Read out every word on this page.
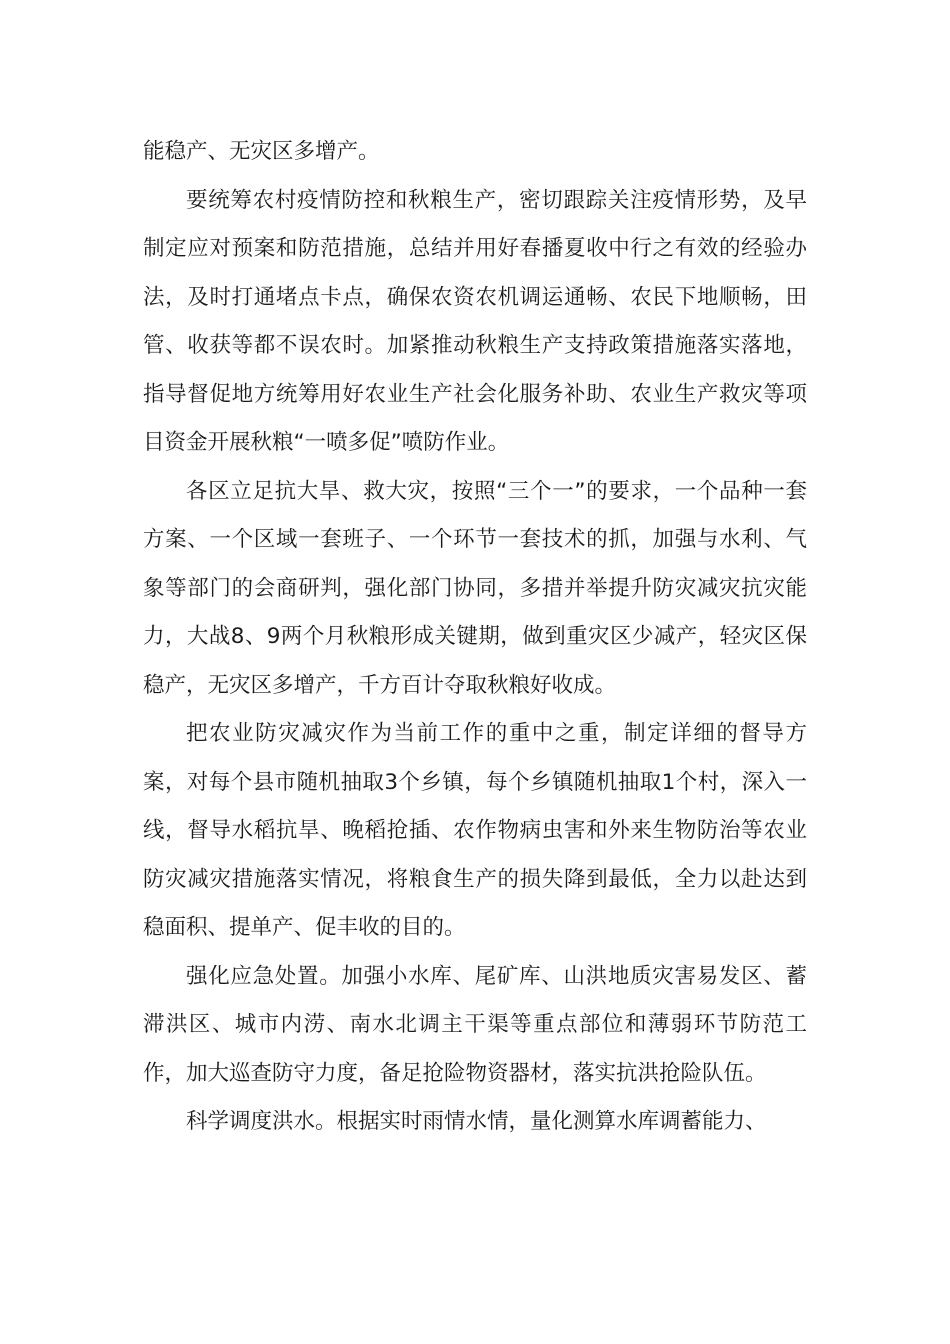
能稳产、无灾区多增产。

要统筹农村疫情防控和秋粮生产，密切跟踪关注疫情形势，及早制定应对预案和防范措施，总结并用好春播夏收中行之有效的经验办法，及时打通堵点卡点，确保农资农机调运通畅、农民下地顺畅，田管、收获等都不误农时。加紧推动秋粮生产支持政策措施落实落地，指导督促地方统筹用好农业生产社会化服务补助、农业生产救灾等项目资金开展秋粮“一喷多促”喷防作业。

各区立足抗大旱、救大灾，按照“三个一”的要求，一个品种一套方案、一个区域一套班子、一个环节一套技术的抓，加强与水利、气象等部门的会商研判，强化部门协同，多措并举提升防灾减灾抗灾能力，大战8、9两个月秋粮形成关键期，做到重灾区少减产，轻灾区保稳产，无灾区多增产，千方百计夺取秋粮好收成。

把农业防灾减灾作为当前工作的重中之重，制定详细的督导方案，对每个县市随机抽取3个乡镇，每个乡镇随机抽取1个村，深入一线，督导水稻抗旱、晚稻抢插、农作物病虫害和外来生物防治等农业防灾减灾措施落实情况，将粮食生产的损失降到最低，全力以赴达到稳面积、提单产、促丰收的目的。

强化应急处置。加强小水库、尾矿库、山洪地质灾害易发区、蓄滞洪区、城市内涝、南水北调主干渠等重点部位和薄弱环节防范工作，加大巡查防守力度，备足抢险物资器材，落实抗洪抢险队伍。

科学调度洪水。根据实时雨情水情，量化测算水库调蓄能力、
